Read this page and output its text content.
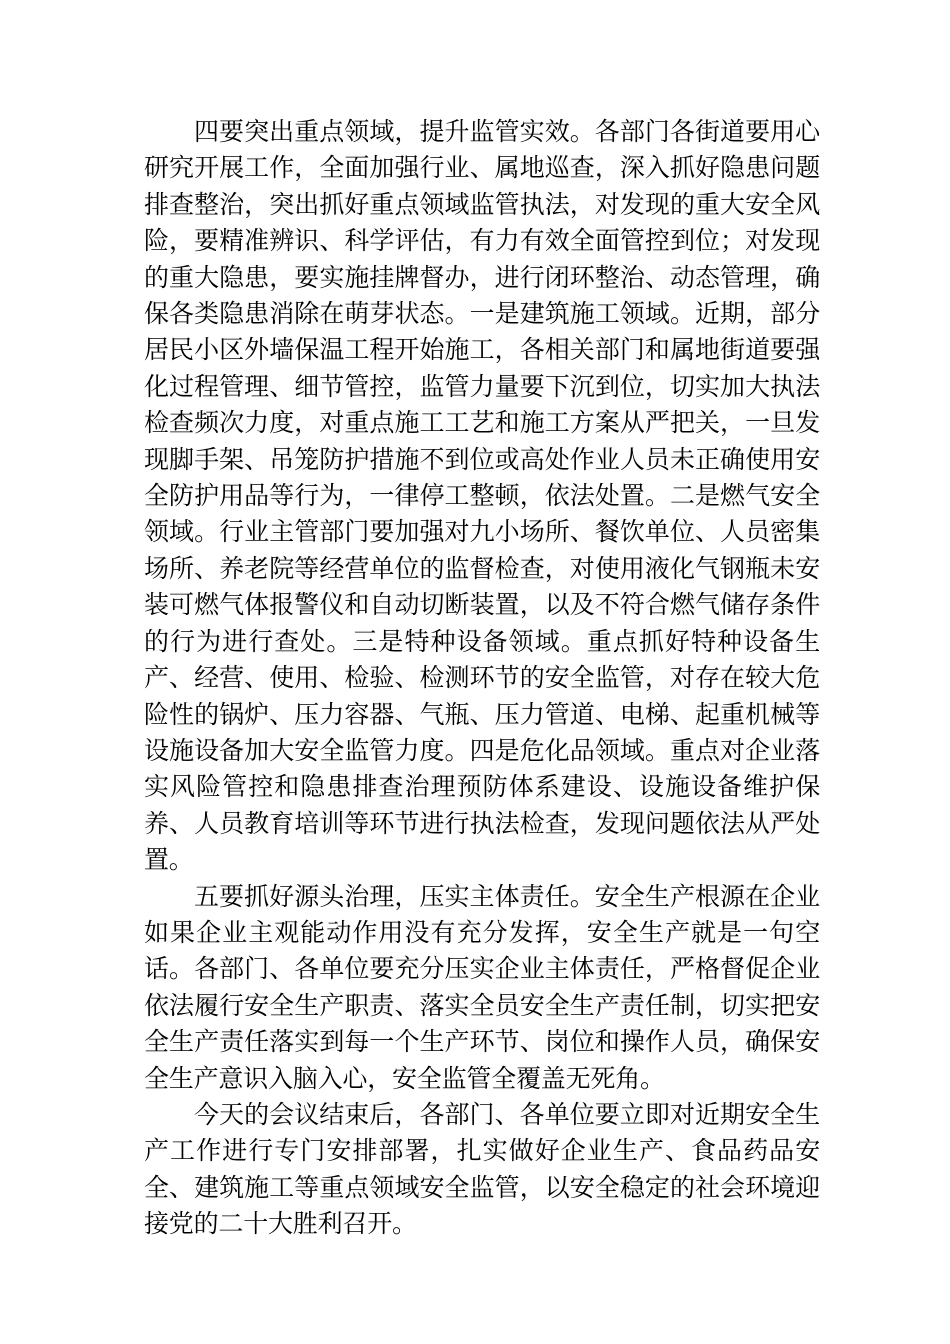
四要突出重点领域，提升监管实效。各部门各街道要用心研究开展工作，全面加强行业、属地巡查，深入抓好隐患问题排查整治，突出抓好重点领域监管执法，对发现的重大安全风险，要精准辨识、科学评估，有力有效全面管控到位；对发现的重大隐患，要实施挂牌督办，进行闭环整治、动态管理，确保各类隐患消除在萌芽状态。一是建筑施工领域。近期，部分居民小区外墙保温工程开始施工，各相关部门和属地街道要强化过程管理、细节管控，监管力量要下沉到位，切实加大执法检查频次力度，对重点施工工艺和施工方案从严把关，一旦发现脚手架、吊笼防护措施不到位或高处作业人员未正确使用安全防护用品等行为，一律停工整顿，依法处置。二是燃气安全领域。行业主管部门要加强对九小场所、餐饮单位、人员密集场所、养老院等经营单位的监督检查，对使用液化气钢瓶未安装可燃气体报警仪和自动切断装置，以及不符合燃气储存条件的行为进行查处。三是特种设备领域。重点抓好特种设备生产、经营、使用、检验、检测环节的安全监管，对存在较大危险性的锅炉、压力容器、气瓶、压力管道、电梯、起重机械等设施设备加大安全监管力度。四是危化品领域。重点对企业落实风险管控和隐患排查治理预防体系建设、设施设备维护保养、人员教育培训等环节进行执法检查，发现问题依法从严处置。

五要抓好源头治理，压实主体责任。安全生产根源在企业如果企业主观能动作用没有充分发挥，安全生产就是一句空话。各部门、各单位要充分压实企业主体责任，严格督促企业依法履行安全生产职责、落实全员安全生产责任制，切实把安全生产责任落实到每一个生产环节、岗位和操作人员，确保安全生产意识入脑入心，安全监管全覆盖无死角。

今天的会议结束后，各部门、各单位要立即对近期安全生产工作进行专门安排部署，扎实做好企业生产、食品药品安全、建筑施工等重点领域安全监管，以安全稳定的社会环境迎接党的二十大胜利召开。
